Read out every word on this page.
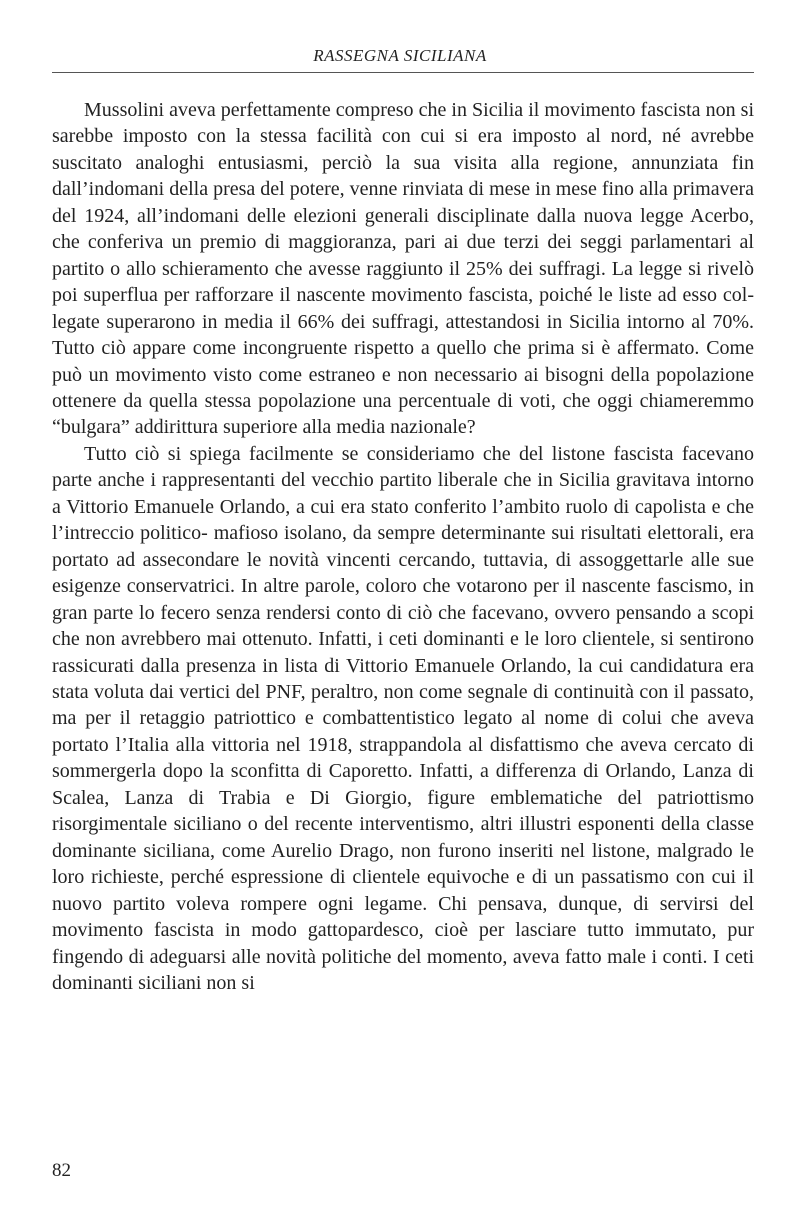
RASSEGNA SICILIANA

Mussolini aveva perfettamente compreso che in Sicilia il movimento fascista non si sarebbe imposto con la stessa facilità con cui si era imposto al nord, né avrebbe suscitato analoghi entusiasmi, perciò la sua visita alla regione, annunziata fin dall’indomani della presa del potere, venne rinviata di mese in mese fino alla primavera del 1924, all’indomani delle elezioni generali disciplinate dalla nuova legge Acerbo, che conferiva un premio di maggioranza, pari ai due terzi dei seggi parlamentari al partito o allo schieramento che avesse raggiunto il 25% dei suffragi. La legge si rivelò poi superflua per rafforzare il nascente movimento fascista, poiché le liste ad esso collegate superarono in media il 66% dei suffragi, attestandosi in Sicilia intorno al 70%. Tutto ciò appare come incongruente rispetto a quello che prima si è affermato. Come può un movimento visto come estraneo e non necessario ai bisogni della popolazione ottenere da quella stessa popolazione una percentuale di voti, che oggi chiameremmo “bulgara” addirittura superiore alla media nazionale?

Tutto ciò si spiega facilmente se consideriamo che del listone fascista facevano parte anche i rappresentanti del vecchio partito liberale che in Sicilia gravitava intorno a Vittorio Emanuele Orlando, a cui era stato conferito l’ambito ruolo di capolista e che l’intreccio politico- mafioso isolano, da sempre determinante sui risultati elettorali, era portato ad assecondare le novità vincenti cercando, tuttavia, di assoggettarle alle sue esigenze conservatrici. In altre parole, coloro che votarono per il nascente fascismo, in gran parte lo fecero senza rendersi conto di ciò che facevano, ovvero pensando a scopi che non avrebbero mai ottenuto. Infatti, i ceti dominanti e le loro clientele, si sentirono rassicurati dalla presenza in lista di Vittorio Emanuele Orlando, la cui candidatura era stata voluta dai vertici del PNF, peraltro, non come segnale di continuità con il passato, ma per il retaggio patriottico e combattentistico legato al nome di colui che aveva portato l’Italia alla vittoria nel 1918, strappandola al disfattismo che aveva cercato di sommergerla dopo la sconfitta di Caporetto. Infatti, a differenza di Orlando, Lanza di Scalea, Lanza di Trabia e Di Giorgio, figure emblematiche del patriottismo risorgimentale siciliano o del recente interventismo, altri illustri esponenti della classe dominante siciliana, come Aurelio Drago, non furono inseriti nel listone, malgrado le loro richieste, perché espressione di clientele equivoche e di un passatismo con cui il nuovo partito voleva rompere ogni legame. Chi pensava, dunque, di servirsi del movimento fascista in modo gattopardesco, cioè per lasciare tutto immutato, pur fingendo di adeguarsi alle novità politiche del momento, aveva fatto male i conti. I ceti dominanti siciliani non si

82
